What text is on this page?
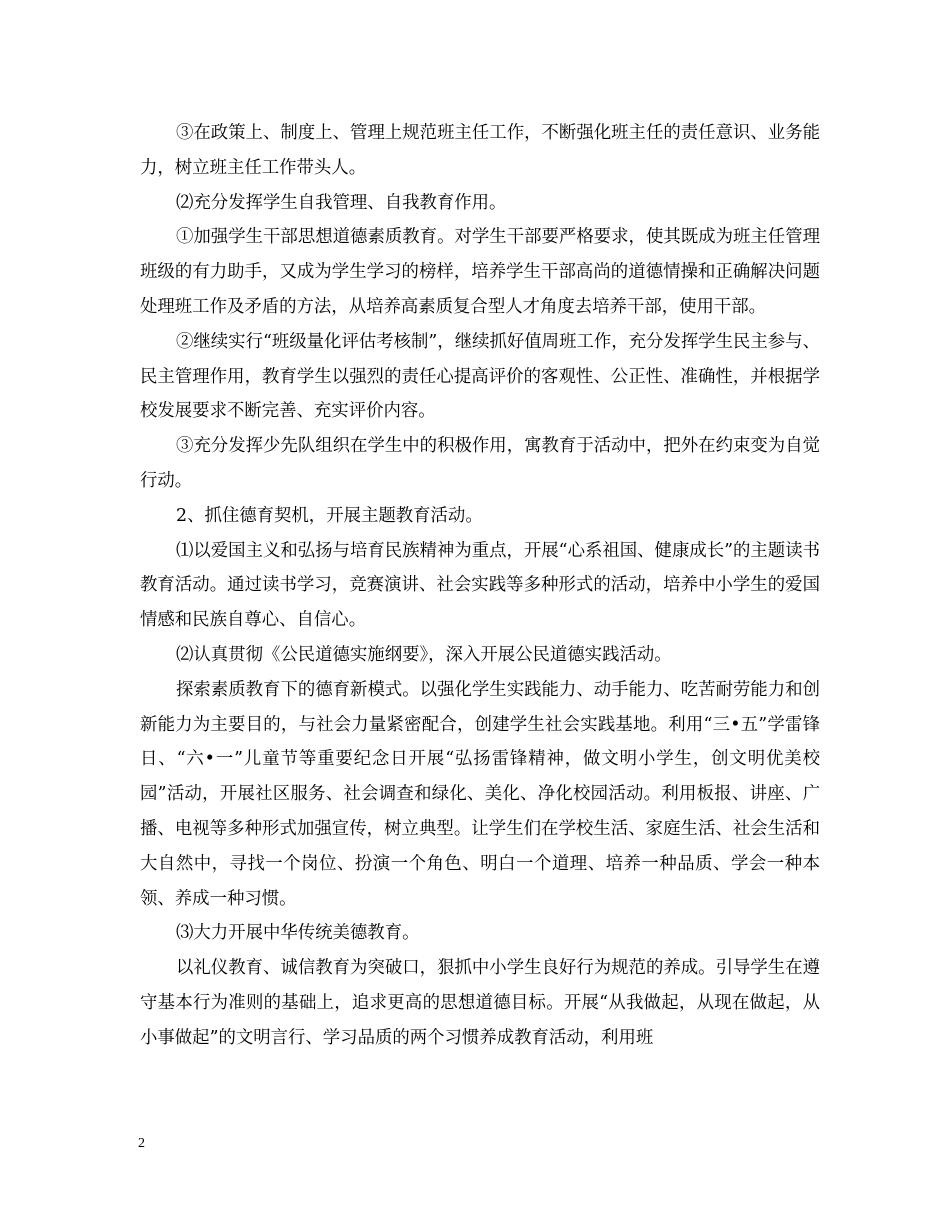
③在政策上、制度上、管理上规范班主任工作，不断强化班主任的责任意识、业务能力，树立班主任工作带头人。

⑵充分发挥学生自我管理、自我教育作用。

①加强学生干部思想道德素质教育。对学生干部要严格要求，使其既成为班主任管理班级的有力助手，又成为学生学习的榜样，培养学生干部高尚的道德情操和正确解决问题处理班工作及矛盾的方法，从培养高素质复合型人才角度去培养干部，使用干部。

②继续实行“班级量化评估考核制”，继续抓好值周班工作，充分发挥学生民主参与、民主管理作用，教育学生以强烈的责任心提高评价的客观性、公正性、准确性，并根据学校发展要求不断完善、充实评价内容。

③充分发挥少先队组织在学生中的积极作用，寓教育于活动中，把外在约束变为自觉行动。

2、抓住德育契机，开展主题教育活动。

⑴以爱国主义和弘扬与培育民族精神为重点，开展“心系祖国、健康成长”的主题读书教育活动。通过读书学习，竞赛演讲、社会实践等多种形式的活动，培养中小学生的爱国情感和民族自尊心、自信心。

⑵认真贯彻《公民道德实施纲要》，深入开展公民道德实践活动。

探索素质教育下的德育新模式。以强化学生实践能力、动手能力、吃苦耐劳能力和创新能力为主要目的，与社会力量紧密配合，创建学生社会实践基地。利用“三•五”学雷锋日、“六•一”儿童节等重要纪念日开展“弘扬雷锋精神，做文明小学生，创文明优美校园”活动，开展社区服务、社会调查和绿化、美化、净化校园活动。利用板报、讲座、广播、电视等多种形式加强宣传，树立典型。让学生们在学校生活、家庭生活、社会生活和大自然中，寻找一个岗位、扮演一个角色、明白一个道理、培养一种品质、学会一种本领、养成一种习惯。

⑶大力开展中华传统美德教育。

以礼仪教育、诚信教育为突破口，狠抓中小学生良好行为规范的养成。引导学生在遵守基本行为准则的基础上，追求更高的思想道德目标。开展“从我做起，从现在做起，从小事做起”的文明言行、学习品质的两个习惯养成教育活动，利用班

2
